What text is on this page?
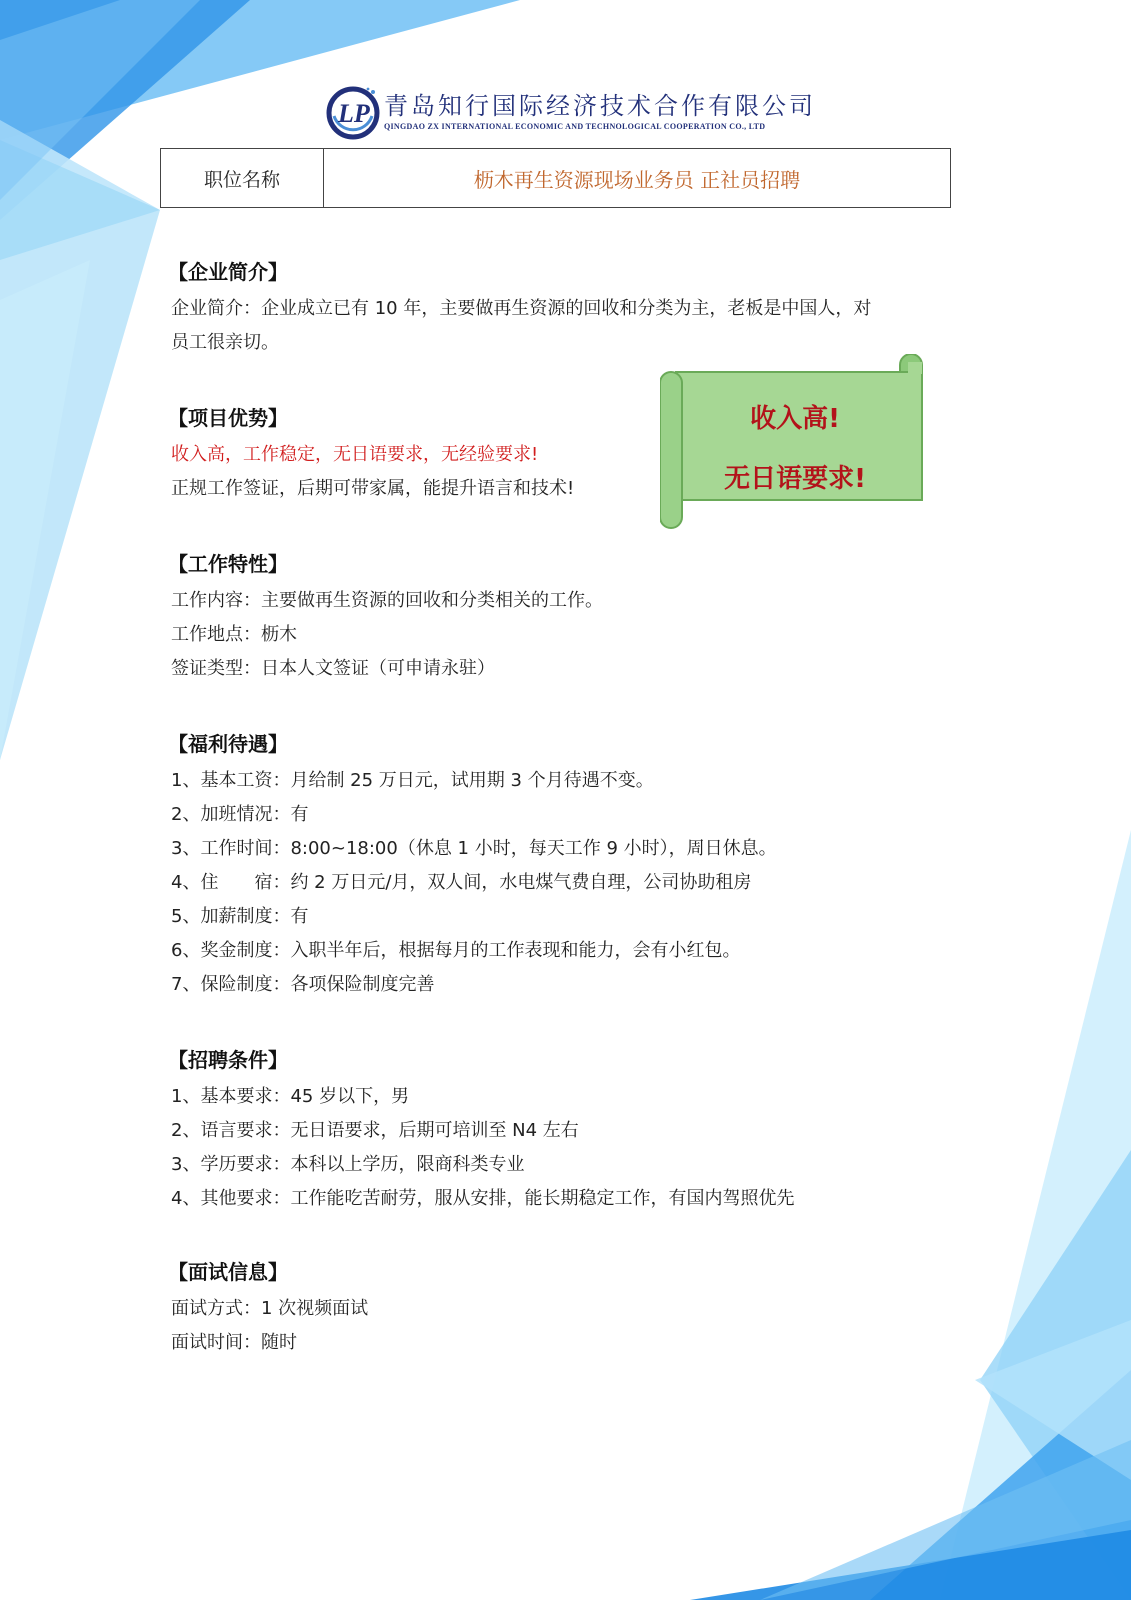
LP 青岛知行国际经济技术合作有限公司
QINGDAO ZX INTERNATIONAL ECONOMIC AND TECHNOLOGICAL COOPERATION CO., LTD
职位名称	枥木再生资源现场业务员 正社员招聘
【企业简介】
企业简介：企业成立已有 10 年，主要做再生资源的回收和分类为主，老板是中国人，对
员工很亲切。
【项目优势】
收入高，工作稳定，无日语要求，无经验要求!
正规工作签证，后期可带家属，能提升语言和技术!
收入高!
无日语要求!
【工作特性】
工作内容：主要做再生资源的回收和分类相关的工作。
工作地点：枥木
签证类型：日本人文签证（可申请永驻）
【福利待遇】
1、基本工资：月给制 25 万日元，试用期 3 个月待遇不变。
2、加班情况：有
3、工作时间：8:00~18:00（休息 1 小时，每天工作 9 小时），周日休息。
4、住　　宿：约 2 万日元/月，双人间，水电煤气费自理，公司协助租房
5、加薪制度：有
6、奖金制度：入职半年后，根据每月的工作表现和能力，会有小红包。
7、保险制度：各项保险制度完善
【招聘条件】
1、基本要求：45 岁以下，男
2、语言要求：无日语要求，后期可培训至 N4 左右
3、学历要求：本科以上学历，限商科类专业
4、其他要求：工作能吃苦耐劳，服从安排，能长期稳定工作，有国内驾照优先
【面试信息】
面试方式：1 次视频面试
面试时间：随时
